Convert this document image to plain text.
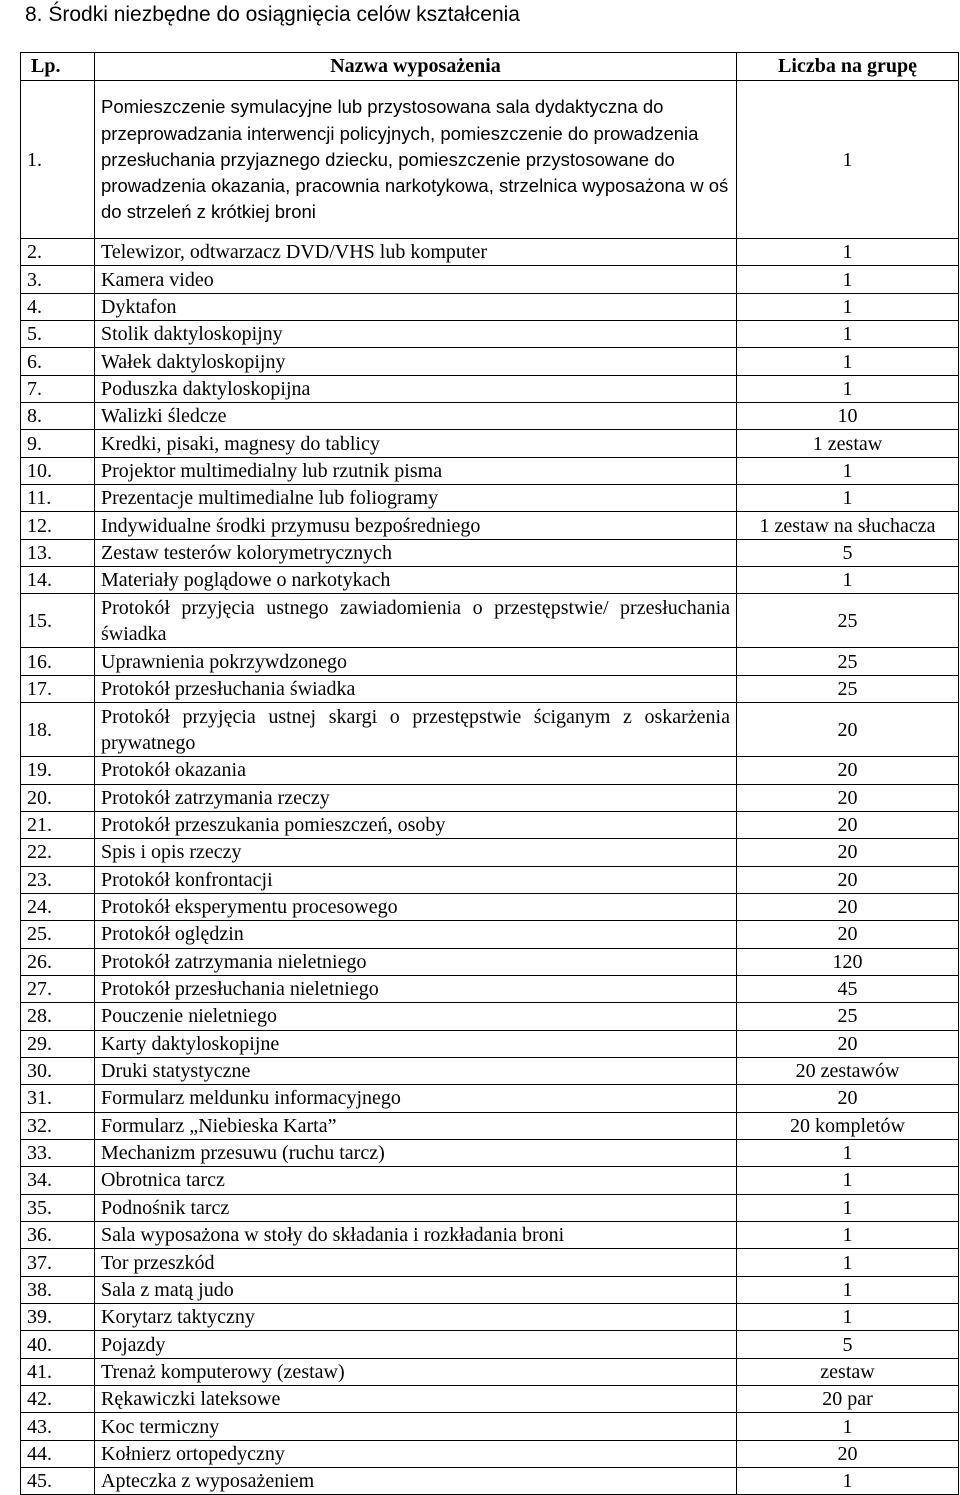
8. Środki niezbędne do osiągnięcia celów kształcenia
Lp.	Nazwa wyposażenia	Liczba na grupę
1.	Pomieszczenie symulacyjne lub przystosowana sala dydaktyczna do przeprowadzania interwencji policyjnych, pomieszczenie do prowadzenia przesłuchania przyjaznego dziecku, pomieszczenie przystosowane do prowadzenia okazania, pracownia narkotykowa, strzelnica wyposażona w oś do strzeleń z krótkiej broni	1
2.	Telewizor, odtwarzacz DVD/VHS lub komputer	1
3.	Kamera video	1
4.	Dyktafon	1
5.	Stolik daktyloskopijny	1
6.	Wałek daktyloskopijny	1
7.	Poduszka daktyloskopijna	1
8.	Walizki śledcze	10
9.	Kredki, pisaki, magnesy do tablicy	1 zestaw
10.	Projektor multimedialny lub rzutnik pisma	1
11.	Prezentacje multimedialne lub foliogramy	1
12.	Indywidualne środki przymusu bezpośredniego	1 zestaw na słuchacza
13.	Zestaw testerów kolorymetrycznych	5
14.	Materiały poglądowe o narkotykach	1
15.	Protokół przyjęcia ustnego zawiadomienia o przestępstwie/ przesłuchania świadka	25
16.	Uprawnienia pokrzywdzonego	25
17.	Protokół przesłuchania świadka	25
18.	Protokół przyjęcia ustnej skargi o przestępstwie ściganym z oskarżenia prywatnego	20
19.	Protokół okazania	20
20.	Protokół zatrzymania rzeczy	20
21.	Protokół przeszukania pomieszczeń, osoby	20
22.	Spis i opis rzeczy	20
23.	Protokół konfrontacji	20
24.	Protokół eksperymentu procesowego	20
25.	Protokół oględzin	20
26.	Protokół zatrzymania nieletniego	120
27.	Protokół przesłuchania nieletniego	45
28.	Pouczenie nieletniego	25
29.	Karty daktyloskopijne	20
30.	Druki statystyczne	20 zestawów
31.	Formularz meldunku informacyjnego	20
32.	Formularz „Niebieska Karta”	20 kompletów
33.	Mechanizm przesuwu (ruchu tarcz)	1
34.	Obrotnica tarcz	1
35.	Podnośnik tarcz	1
36.	Sala wyposażona w stoły do składania i rozkładania broni	1
37.	Tor przeszkód	1
38.	Sala z matą judo	1
39.	Korytarz taktyczny	1
40.	Pojazdy	5
41.	Trenaż komputerowy (zestaw)	zestaw
42.	Rękawiczki lateksowe	20 par
43.	Koc termiczny	1
44.	Kołnierz ortopedyczny	20
45.	Apteczka z wyposażeniem	1
